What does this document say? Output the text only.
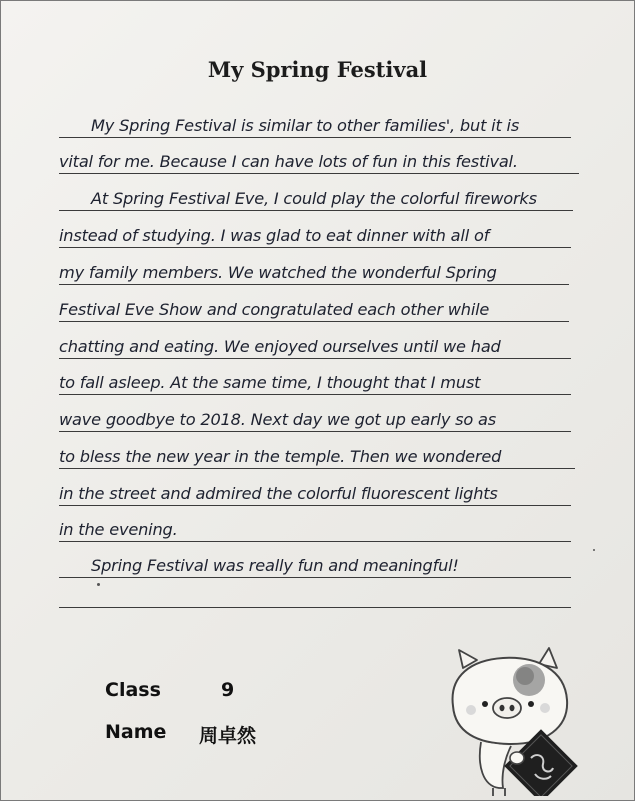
My Spring Festival
My Spring Festival is similar to other families', but it is
vital for me. Because I can have lots of fun in this festival.
At Spring Festival Eve, I could play the colorful fireworks
instead of studying. I was glad to eat dinner with all of
my family members. We watched the wonderful Spring
Festival Eve Show and congratulated each other while
chatting and eating. We enjoyed ourselves until we had
to fall asleep. At the same time, I thought that I must
wave goodbye to 2018. Next day we got up early so as
to bless the new year in the temple. Then we wondered
in the street and admired the colorful fluorescent lights
in the evening.
Spring Festival was really fun and meaningful!
Class	9
Name 周卓然
